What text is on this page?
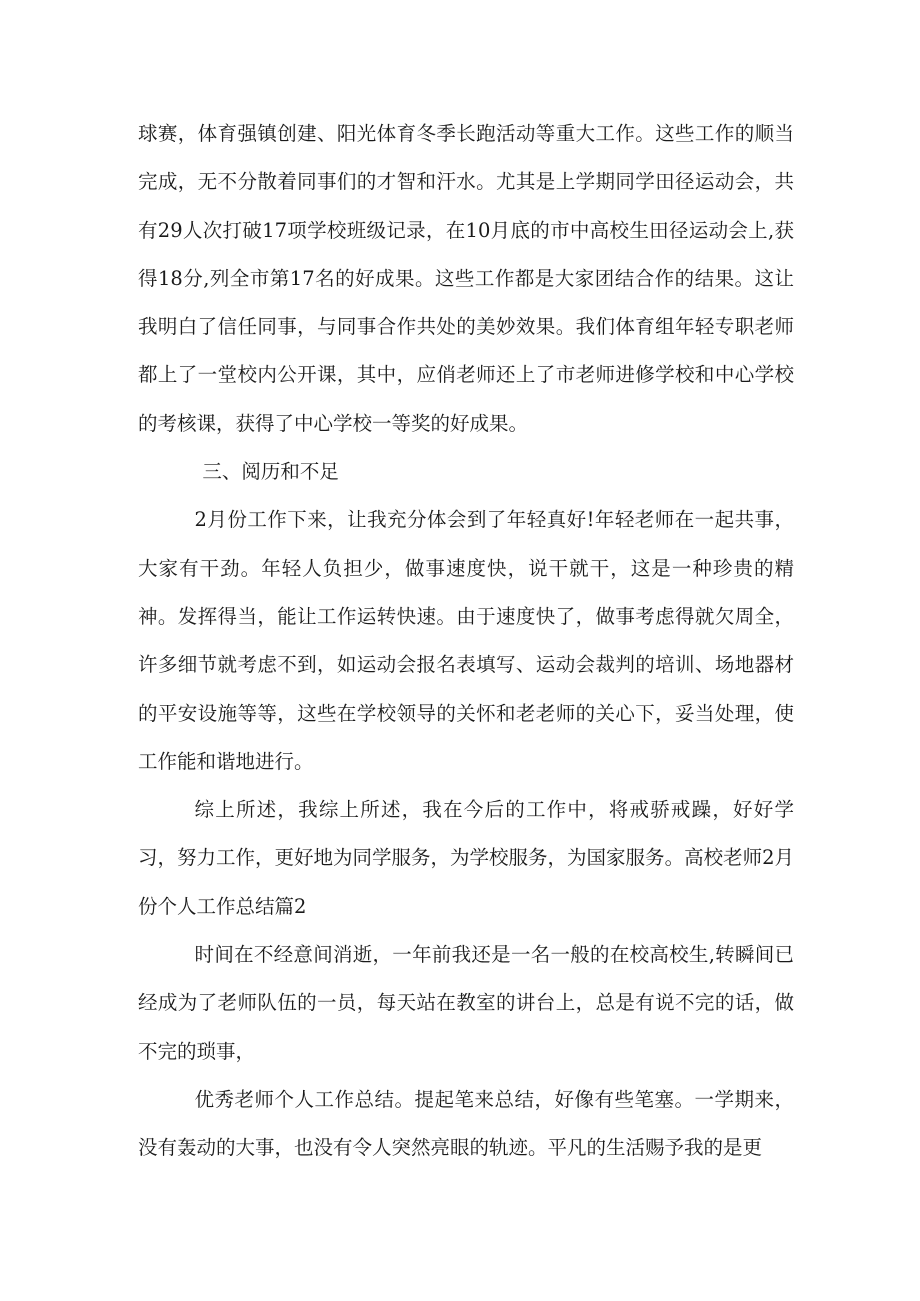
球赛，体育强镇创建、阳光体育冬季长跑活动等重大工作。这些工作的顺当完成，无不分散着同事们的才智和汗水。尤其是上学期同学田径运动会，共有29人次打破17项学校班级记录，在10月底的市中高校生田径运动会上,获得18分,列全市第17名的好成果。这些工作都是大家团结合作的结果。这让我明白了信任同事，与同事合作共处的美妙效果。我们体育组年轻专职老师都上了一堂校内公开课，其中，应俏老师还上了市老师进修学校和中心学校的考核课，获得了中心学校一等奖的好成果。

三、阅历和不足

2月份工作下来，让我充分体会到了年轻真好!年轻老师在一起共事，大家有干劲。年轻人负担少，做事速度快，说干就干，这是一种珍贵的精神。发挥得当，能让工作运转快速。由于速度快了，做事考虑得就欠周全，许多细节就考虑不到，如运动会报名表填写、运动会裁判的培训、场地器材的平安设施等等，这些在学校领导的关怀和老老师的关心下，妥当处理，使工作能和谐地进行。

综上所述，我综上所述，我在今后的工作中，将戒骄戒躁，好好学习，努力工作，更好地为同学服务，为学校服务，为国家服务。高校老师2月份个人工作总结篇2

时间在不经意间消逝，一年前我还是一名一般的在校高校生,转瞬间已经成为了老师队伍的一员，每天站在教室的讲台上，总是有说不完的话，做不完的琐事，

优秀老师个人工作总结。提起笔来总结，好像有些笔塞。一学期来，没有轰动的大事，也没有令人突然亮眼的轨迹。平凡的生活赐予我的是更
